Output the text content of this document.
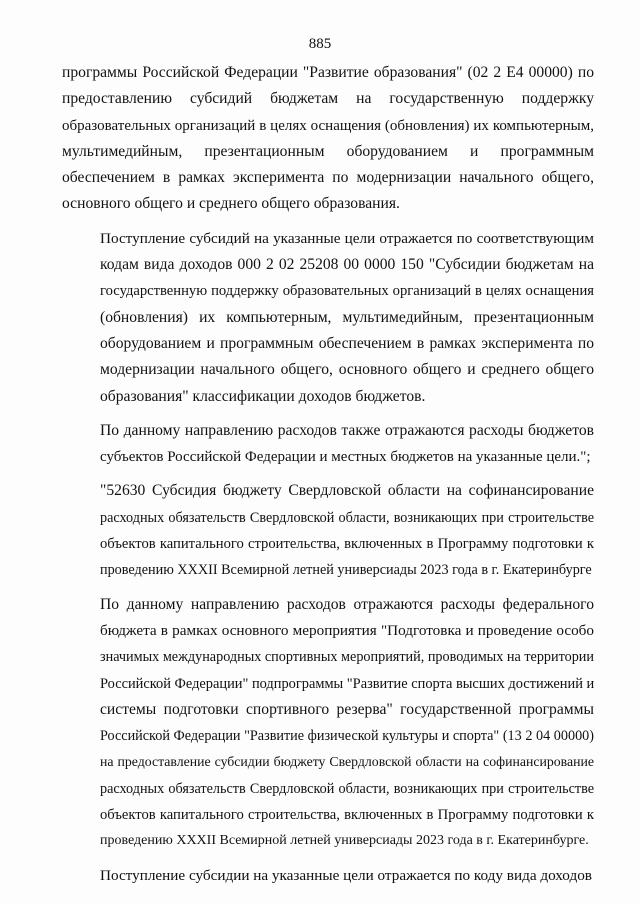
885

программы Российской Федерации "Развитие образования" (02 2 Е4 00000) по
предоставлению субсидий бюджетам на государственную поддержку
образовательных организаций в целях оснащения (обновления) их компьютерным,
мультимедийным, презентационным оборудованием и программным
обеспечением в рамках эксперимента по модернизации начального общего,
основного общего и среднего общего образования.

Поступление субсидий на указанные цели отражается по соответствующим
кодам вида доходов 000 2 02 25208 00 0000 150 "Субсидии бюджетам на
государственную поддержку образовательных организаций в целях оснащения
(обновления) их компьютерным, мультимедийным, презентационным
оборудованием и программным обеспечением в рамках эксперимента по
модернизации начального общего, основного общего и среднего общего
образования" классификации доходов бюджетов.

По данному направлению расходов также отражаются расходы бюджетов
субъектов Российской Федерации и местных бюджетов на указанные цели.";

"52630 Субсидия бюджету Свердловской области на софинансирование
расходных обязательств Свердловской области, возникающих при строительстве
объектов капитального строительства, включенных в Программу подготовки к
проведению XXXII Всемирной летней универсиады 2023 года в г. Екатеринбурге

По данному направлению расходов отражаются расходы федерального
бюджета в рамках основного мероприятия "Подготовка и проведение особо
значимых международных спортивных мероприятий, проводимых на территории
Российской Федерации" подпрограммы "Развитие спорта высших достижений и
системы подготовки спортивного резерва" государственной программы
Российской Федерации "Развитие физической культуры и спорта" (13 2 04 00000)
на предоставление субсидии бюджету Свердловской области на софинансирование
расходных обязательств Свердловской области, возникающих при строительстве
объектов капитального строительства, включенных в Программу подготовки к
проведению XXXII Всемирной летней универсиады 2023 года в г. Екатеринбурге.

Поступление субсидии на указанные цели отражается по коду вида доходов
